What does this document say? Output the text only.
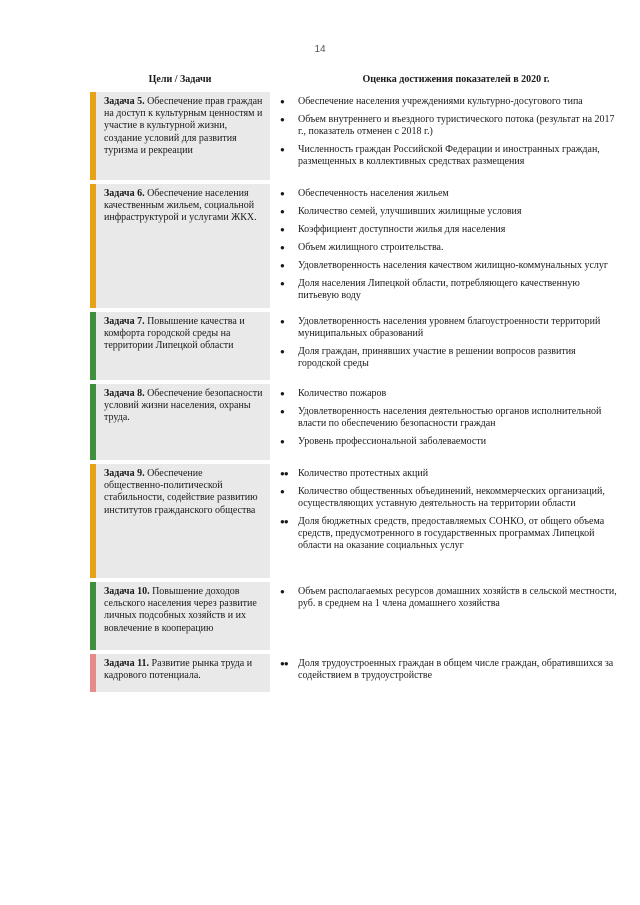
14
Цели / Задачи	Оценка достижения показателей в 2020 г.
Задача 5. Обеспечение прав граждан на доступ к культурным ценностям и участие в культурной жизни, создание условий для развития туризма и рекреации
●	Обеспечение населения учреждениями культурно-досугового типа
●	Объем внутреннего и въездного туристического потока (результат на 2017 г., показатель отменен с 2018 г.)
●	Численность граждан Российской Федерации и иностранных граждан, размещенных в коллективных средствах размещения
Задача 6. Обеспечение населения качественным жильем, социальной инфраструктурой и услугами ЖКХ.
●	Обеспеченность населения жильем
●	Количество семей, улучшивших жилищные условия
●	Коэффициент доступности жилья для населения
●	Объем жилищного строительства.
●	Удовлетворенность населения качеством жилищно-коммунальных услуг
●	Доля населения Липецкой области, потребляющего качественную питьевую воду
Задача 7. Повышение качества и комфорта городской среды на территории Липецкой области
●	Удовлетворенность населения уровнем благоустроенности территорий муниципальных образований
●	Доля граждан, принявших участие в решении вопросов развития городской среды
Задача 8. Обеспечение безопасности условий жизни населения, охраны труда.
●	Количество пожаров
●	Удовлетворенность населения деятельностью органов исполнительной власти по обеспечению безопасности граждан
●	Уровень профессиональной заболеваемости
Задача 9. Обеспечение общественно-политической стабильности, содействие развитию институтов гражданского общества
●●	Количество протестных акций
●	Количество общественных объединений, некоммерческих организаций, осуществляющих уставную деятельность на территории области
●●	Доля бюджетных средств, предоставляемых СОНКО, от общего объема средств, предусмотренного в государственных программах Липецкой области на оказание социальных услуг
Задача 10. Повышение доходов сельского населения через развитие личных подсобных хозяйств и их вовлечение в кооперацию
●	Объем располагаемых ресурсов домашних хозяйств в сельской местности, руб. в среднем на 1 члена домашнего хозяйства
Задача 11. Развитие рынка труда и кадрового потенциала.
●●	Доля трудоустроенных граждан в общем числе граждан, обратившихся за содействием в трудоустройстве
